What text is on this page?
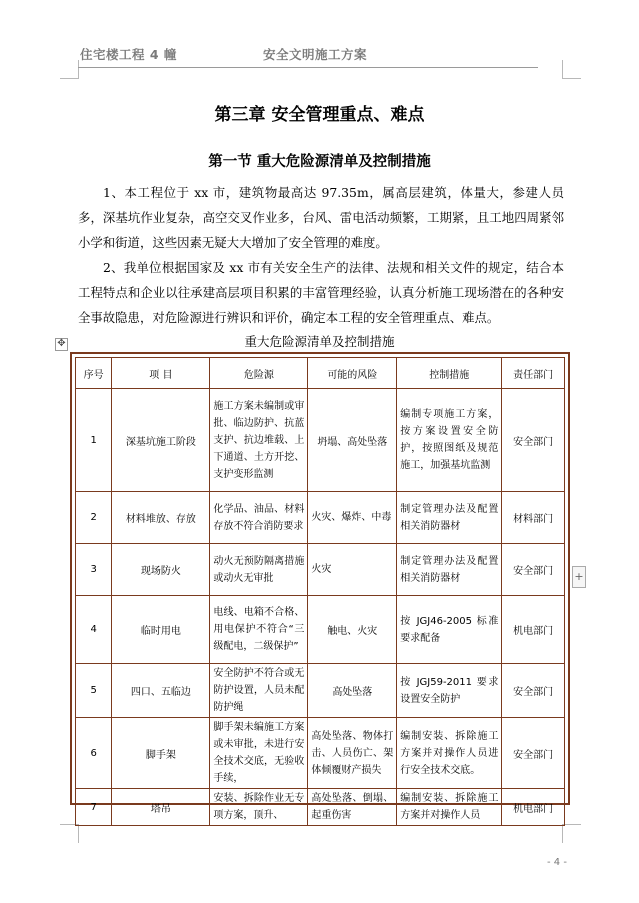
住宅楼工程 4 幢	安全文明施工方案
第三章 安全管理重点、难点
第一节 重大危险源清单及控制措施

1、本工程位于 xx 市，建筑物最高达 97.35m，属高层建筑，体量大，参建人员多，深基坑作业复杂，高空交叉作业多，台风、雷电活动频繁，工期紧，且工地四周紧邻小学和街道，这些因素无疑大大增加了安全管理的难度。

2、我单位根据国家及 xx 市有关安全生产的法律、法规和相关文件的规定，结合本工程特点和企业以往承建高层项目积累的丰富管理经验，认真分析施工现场潜在的各种安全事故隐患，对危险源进行辨识和评价，确定本工程的安全管理重点、难点。

重大危险源清单及控制措施
✥
序号	项 目	危险源	可能的风险	控制措施	责任部门
1	深基坑施工阶段	施工方案未编制或审批、临边防护、抗蓝支护、抗边堆载、上下通道、土方开挖、支护变形监测	坍塌、高处坠落	编制专项施工方案，按方案设置安全防护，按照图纸及规范施工，加强基坑监测	安全部门
2	材料堆放、存放	化学品、油品、材料存放不符合消防要求	火灾、爆炸、中毒	制定管理办法及配置相关消防器材	材料部门
3	现场防火	动火无预防隔离措施或动火无审批	火灾	制定管理办法及配置相关消防器材	安全部门
4	临时用电	电线、电箱不合格、用电保护不符合“三级配电，二级保护”	触电、火灾	按 JGJ46-2005 标准要求配备	机电部门
5	四口、五临边	安全防护不符合或无防护设置，人员未配防护绳	高处坠落	按 JGJ59-2011 要求设置安全防护	安全部门
6	脚手架	脚手架未编施工方案或未审批，未进行安全技术交底，无验收手续，	高处坠落、物体打击、人员伤亡、架体倾覆财产损失	编制安装、拆除施工方案并对操作人员进行安全技术交底。	安全部门
7	塔吊	安装、拆除作业无专项方案，顶升、	高处坠落、倒塌、起重伤害	编制安装、拆除施工方案并对操作人员	机电部门
+
- 4 -
